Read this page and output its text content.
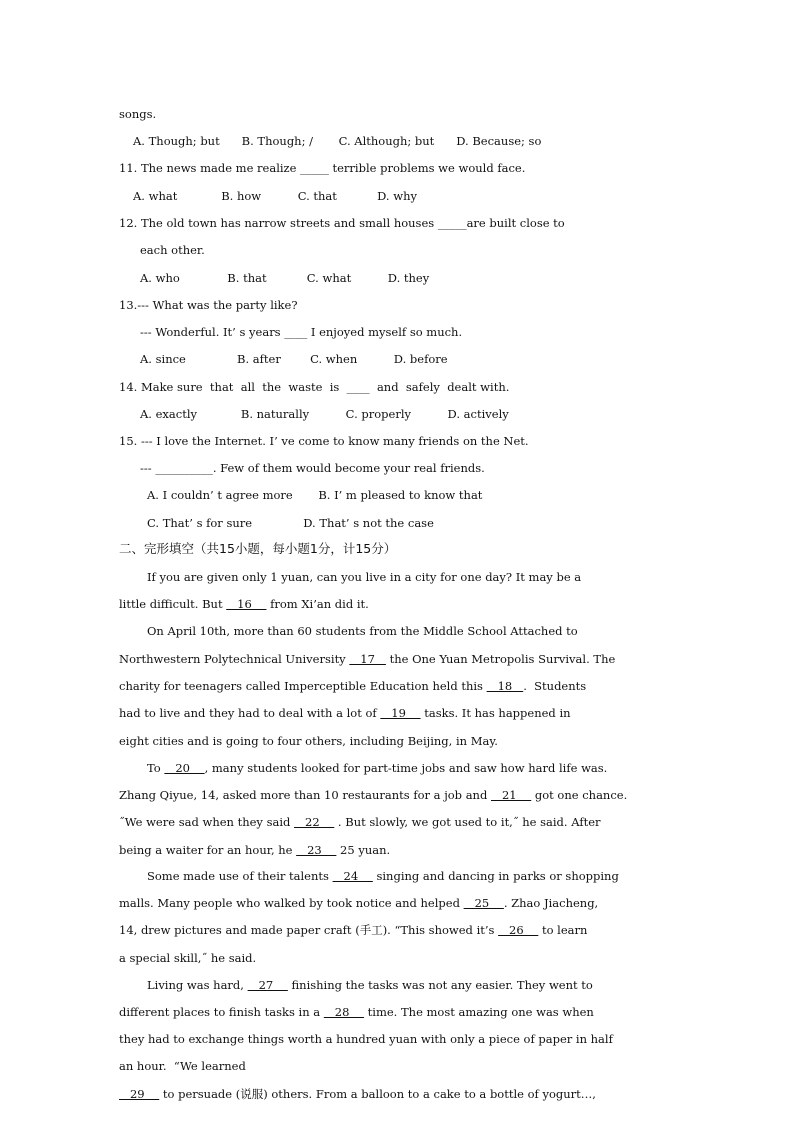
songs.
A. Though; but      B. Though; /       C. Although; but      D. Because; so
11. The news made me realize _____ terrible problems we would face.
A. what            B. how          C. that           D. why
12. The old town has narrow streets and small houses _____are built close to
each other.
A. who             B. that           C. what          D. they
13.--- What was the party like?
--- Wonderful. It’ s years ____ I enjoyed myself so much.
A. since              B. after        C. when          D. before
14. Make sure  that  all  the  waste  is  ____  and  safely  dealt with.
A. exactly            B. naturally          C. properly          D. actively
15. --- I love the Internet. I’ ve come to know many friends on the Net.
--- __________. Few of them would become your real friends.
A. I couldn’ t agree more       B. I’ m pleased to know that
C. That’ s for sure              D. That’ s not the case
二、完形填空（共15小题，每小题1分，计15分）
If you are given only 1 yuan, can you live in a city for one day? It may be a
little difficult. But    16     from Xi’an did it.
On April 10th, more than 60 students from the Middle School Attached to
Northwestern Polytechnical University    17    the One Yuan Metropolis Survival. The
charity for teenagers called Imperceptible Education held this    18   .  Students
had to live and they had to deal with a lot of    19     tasks. It has happened in
eight cities and is going to four others, including Beijing, in May.
To    20    , many students looked for part-time jobs and saw how hard life was.
Zhang Qiyue, 14, asked more than 10 restaurants for a job and    21     got one chance.
˝We were sad when they said    22     . But slowly, we got used to it,˝ he said. After
being a waiter for an hour, he    23     25 yuan.
Some made use of their talents    24     singing and dancing in parks or shopping
malls. Many people who walked by took notice and helped    25    . Zhao Jiacheng,
14, drew pictures and made paper craft (手工). “This showed it’s    26     to learn
a special skill,˝ he said.
Living was hard,    27     finishing the tasks was not any easier. They went to
different places to finish tasks in a    28     time. The most amazing one was when
they had to exchange things worth a hundred yuan with only a piece of paper in half
an hour.  “We learned
29     to persuade (说服) others. From a balloon to a cake to a bottle of yogurt…,
